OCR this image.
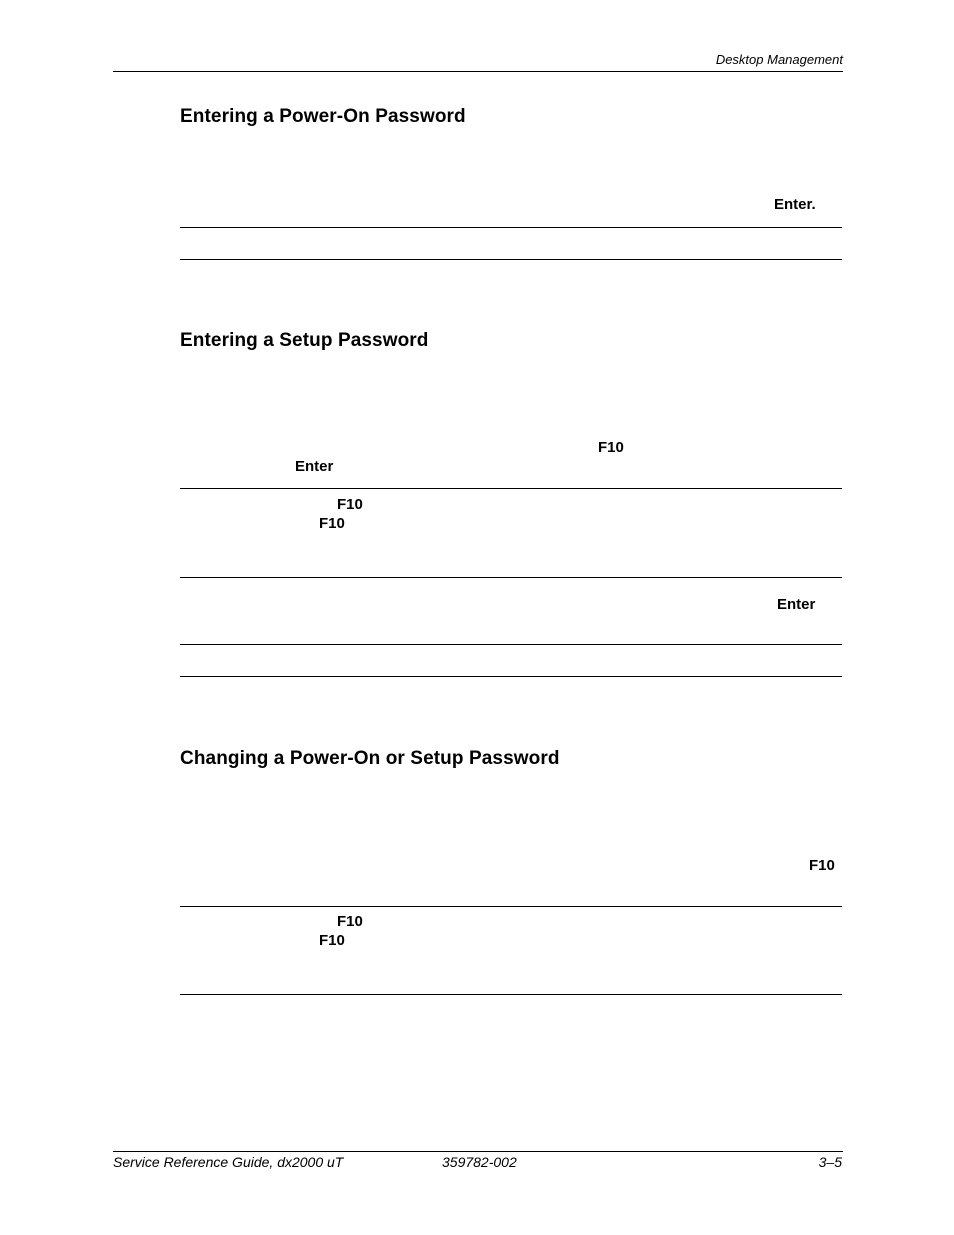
Desktop Management
Entering a Power-On Password
Enter.
Entering a Setup Password
F10
Enter
F10
F10
Enter
Changing a Power-On or Setup Password
F10
F10
F10
Service Reference Guide, dx2000 uT	359782-002	3–5
